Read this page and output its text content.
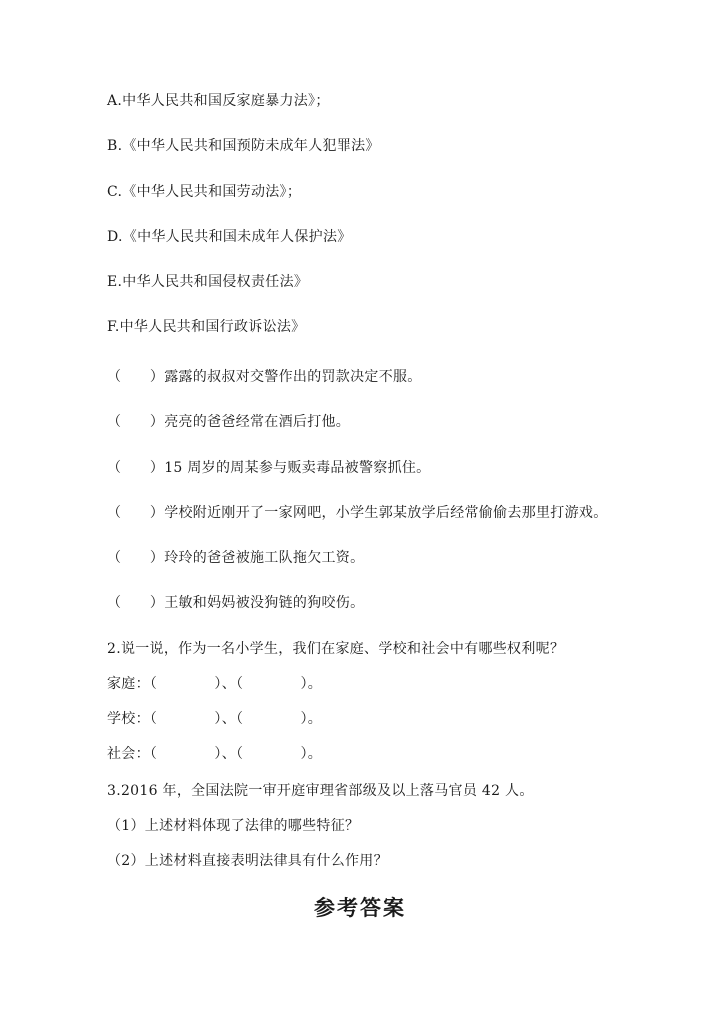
A.中华人民共和国反家庭暴力法》；
B.《中华人民共和国预防未成年人犯罪法》
C.《中华人民共和国劳动法》；
D.《中华人民共和国未成年人保护法》
E.中华人民共和国侵权责任法》
F.中华人民共和国行政诉讼法》
（　　）露露的叔叔对交警作出的罚款决定不服。
（　　）亮亮的爸爸经常在酒后打他。
（　　）15 周岁的周某参与贩卖毒品被警察抓住。
（　　）学校附近刚开了一家网吧，小学生郭某放学后经常偷偷去那里打游戏。
（　　）玲玲的爸爸被施工队拖欠工资。
（　　）王敏和妈妈被没狗链的狗咬伤。
2.说一说，作为一名小学生，我们在家庭、学校和社会中有哪些权利呢？
家庭：（　　　　）、（　　　　）。
学校：（　　　　）、（　　　　）。
社会：（　　　　）、（　　　　）。
3.2016 年，全国法院一审开庭审理省部级及以上落马官员 42 人。
（1）上述材料体现了法律的哪些特征？
（2）上述材料直接表明法律具有什么作用？
参考答案
